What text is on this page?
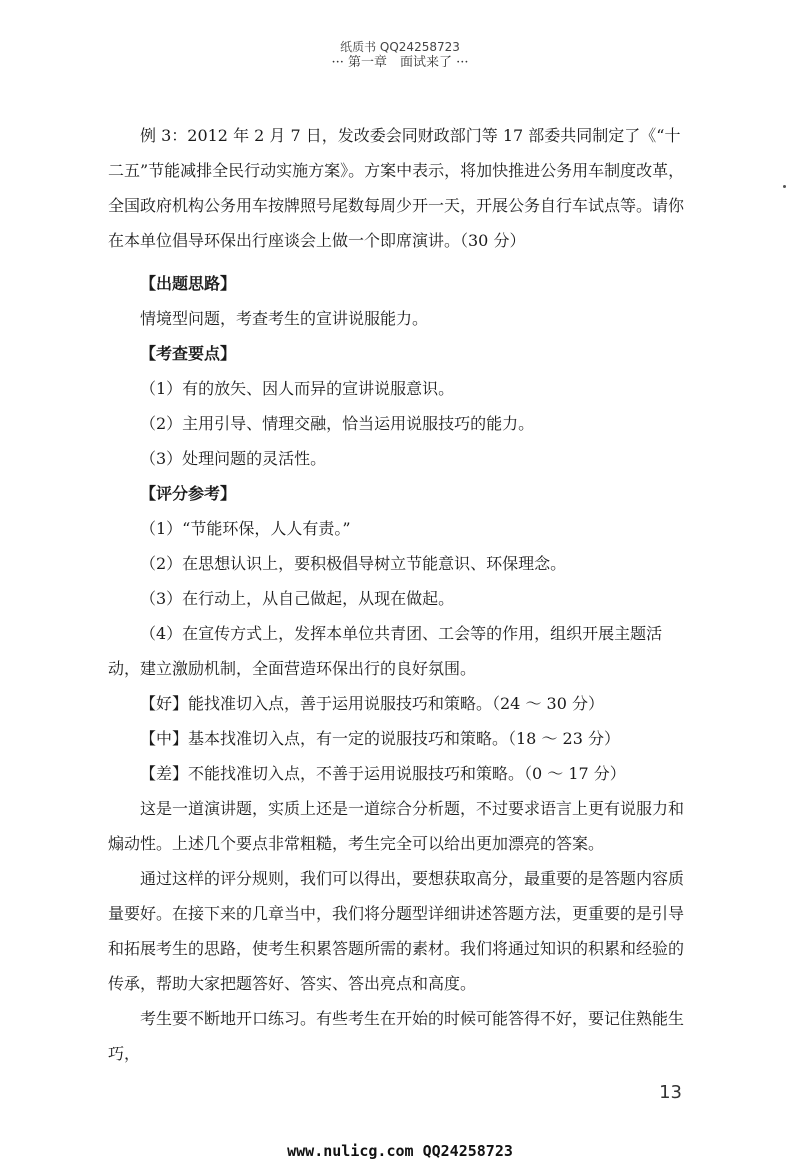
纸质书 QQ24258723
··· 第一章　面试来了 ···

例 3：2012 年 2 月 7 日，发改委会同财政部门等 17 部委共同制定了《“十二五”节能减排全民行动实施方案》。方案中表示，将加快推进公务用车制度改革，全国政府机构公务用车按牌照号尾数每周少开一天，开展公务自行车试点等。请你在本单位倡导环保出行座谈会上做一个即席演讲。（30 分）

【出题思路】

情境型问题，考查考生的宣讲说服能力。

【考查要点】

（1）有的放矢、因人而异的宣讲说服意识。

（2）主用引导、情理交融，恰当运用说服技巧的能力。

（3）处理问题的灵活性。

【评分参考】

（1）“节能环保，人人有责。”

（2）在思想认识上，要积极倡导树立节能意识、环保理念。

（3）在行动上，从自己做起，从现在做起。

（4）在宣传方式上，发挥本单位共青团、工会等的作用，组织开展主题活动，建立激励机制，全面营造环保出行的良好氛围。

【好】能找准切入点，善于运用说服技巧和策略。（24 ～ 30 分）

【中】基本找准切入点，有一定的说服技巧和策略。（18 ～ 23 分）

【差】不能找准切入点，不善于运用说服技巧和策略。（0 ～ 17 分）

这是一道演讲题，实质上还是一道综合分析题，不过要求语言上更有说服力和煽动性。上述几个要点非常粗糙，考生完全可以给出更加漂亮的答案。

通过这样的评分规则，我们可以得出，要想获取高分，最重要的是答题内容质量要好。在接下来的几章当中，我们将分题型详细讲述答题方法，更重要的是引导和拓展考生的思路，使考生积累答题所需的素材。我们将通过知识的积累和经验的传承，帮助大家把题答好、答实、答出亮点和高度。

考生要不断地开口练习。有些考生在开始的时候可能答得不好，要记住熟能生巧，

13
www.nulicg.com QQ24258723
